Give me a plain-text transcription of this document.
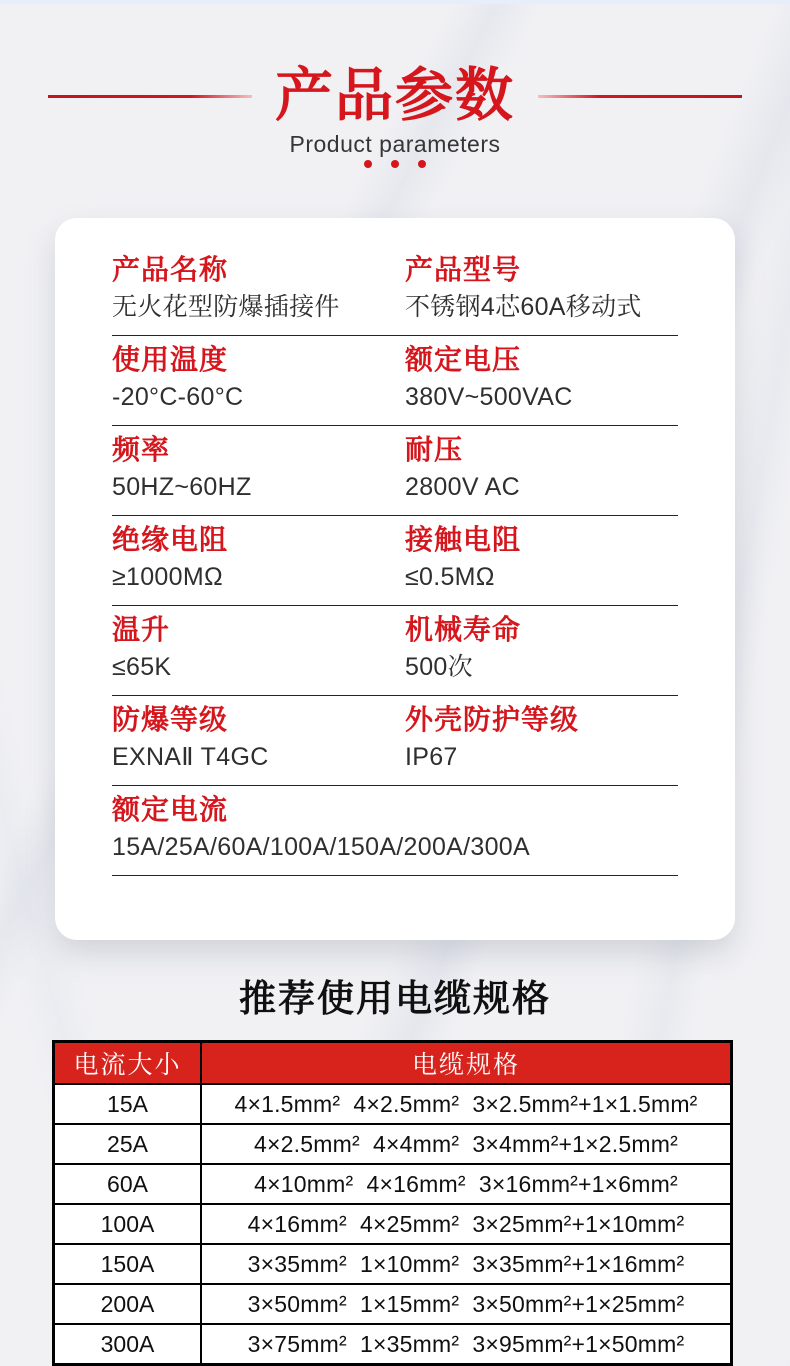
产品参数
Product parameters
产品名称
无火花型防爆插接件
产品型号
不锈钢4芯60A移动式
使用温度
-20°C-60°C
额定电压
380V~500VAC
频率
50HZ~60HZ
耐压
2800V AC
绝缘电阻
≥1000MΩ
接触电阻
≤0.5MΩ
温升
≤65K
机械寿命
500次
防爆等级
EXNAⅡ T4GC
外壳防护等级
IP67
额定电流
15A/25A/60A/100A/150A/200A/300A
推荐使用电缆规格
电流大小	电缆规格
15A	4×1.5mm²  4×2.5mm²  3×2.5mm²+1×1.5mm²
25A	4×2.5mm²  4×4mm²  3×4mm²+1×2.5mm²
60A	4×10mm²  4×16mm²  3×16mm²+1×6mm²
100A	4×16mm²  4×25mm²  3×25mm²+1×10mm²
150A	3×35mm²  1×10mm²  3×35mm²+1×16mm²
200A	3×50mm²  1×15mm²  3×50mm²+1×25mm²
300A	3×75mm²  1×35mm²  3×95mm²+1×50mm²
